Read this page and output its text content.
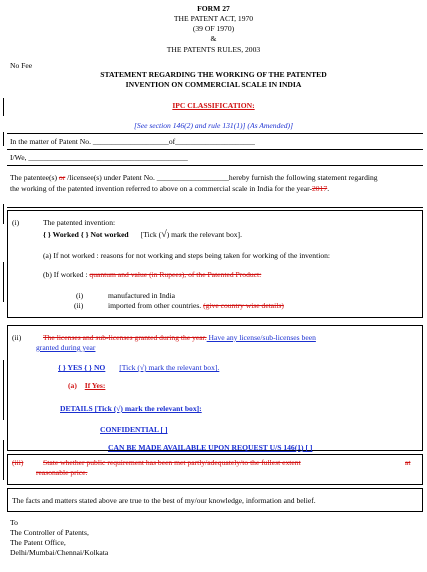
FORM 27
THE PATENT ACT, 1970
(39 OF 1970)
&
THE PATENTS RULES, 2003
No Fee
STATEMENT REGARDING THE WORKING OF THE PATENTED
INVENTION ON COMMERCIAL SCALE IN INDIA
IPC CLASSIFICATION:
[See section 146(2) and rule 131(1)] (As Amended)]
In the matter of Patent No. ____________________of_____________________
I/We, __________________________________________
The patentee(s) or /licensee(s) under Patent No. ___________________hereby furnish the following statement regarding
the working of the patented invention referred to above on a commercial scale in India for the year-2017.
(i)	The patented invention:
{ } Worked { } Not worked [Tick (√) mark the relevant box].
(a) If not worked : reasons for not working and steps being taken for working of the invention:
(b) If worked : quantum and value (in Rupees), of the Patented Product:
(i)	manufactured in India
(ii)	imported from other countries. (give country wise details)
(ii)	The licenses and sub-licenses granted during the year. Have any license/sub-licenses been
granted during year
{ } YES { } NO [Tick (√) mark the relevant box].
(a) If Yes:
DETAILS [Tick (√) mark the relevant box]:
CONFIDENTIAL [ ]
CAN BE MADE AVAILABLE UPON REQUEST U/S 146(1) [ ]
(iii)	State whether public requirement has been met partly/adequately/to the fullest extent	at
reasonable price.
The facts and matters stated above are true to the best of my/our knowledge, information and belief.
To
The Controller of Patents,
The Patent Office,
Delhi/Mumbai/Chennai/Kolkata
